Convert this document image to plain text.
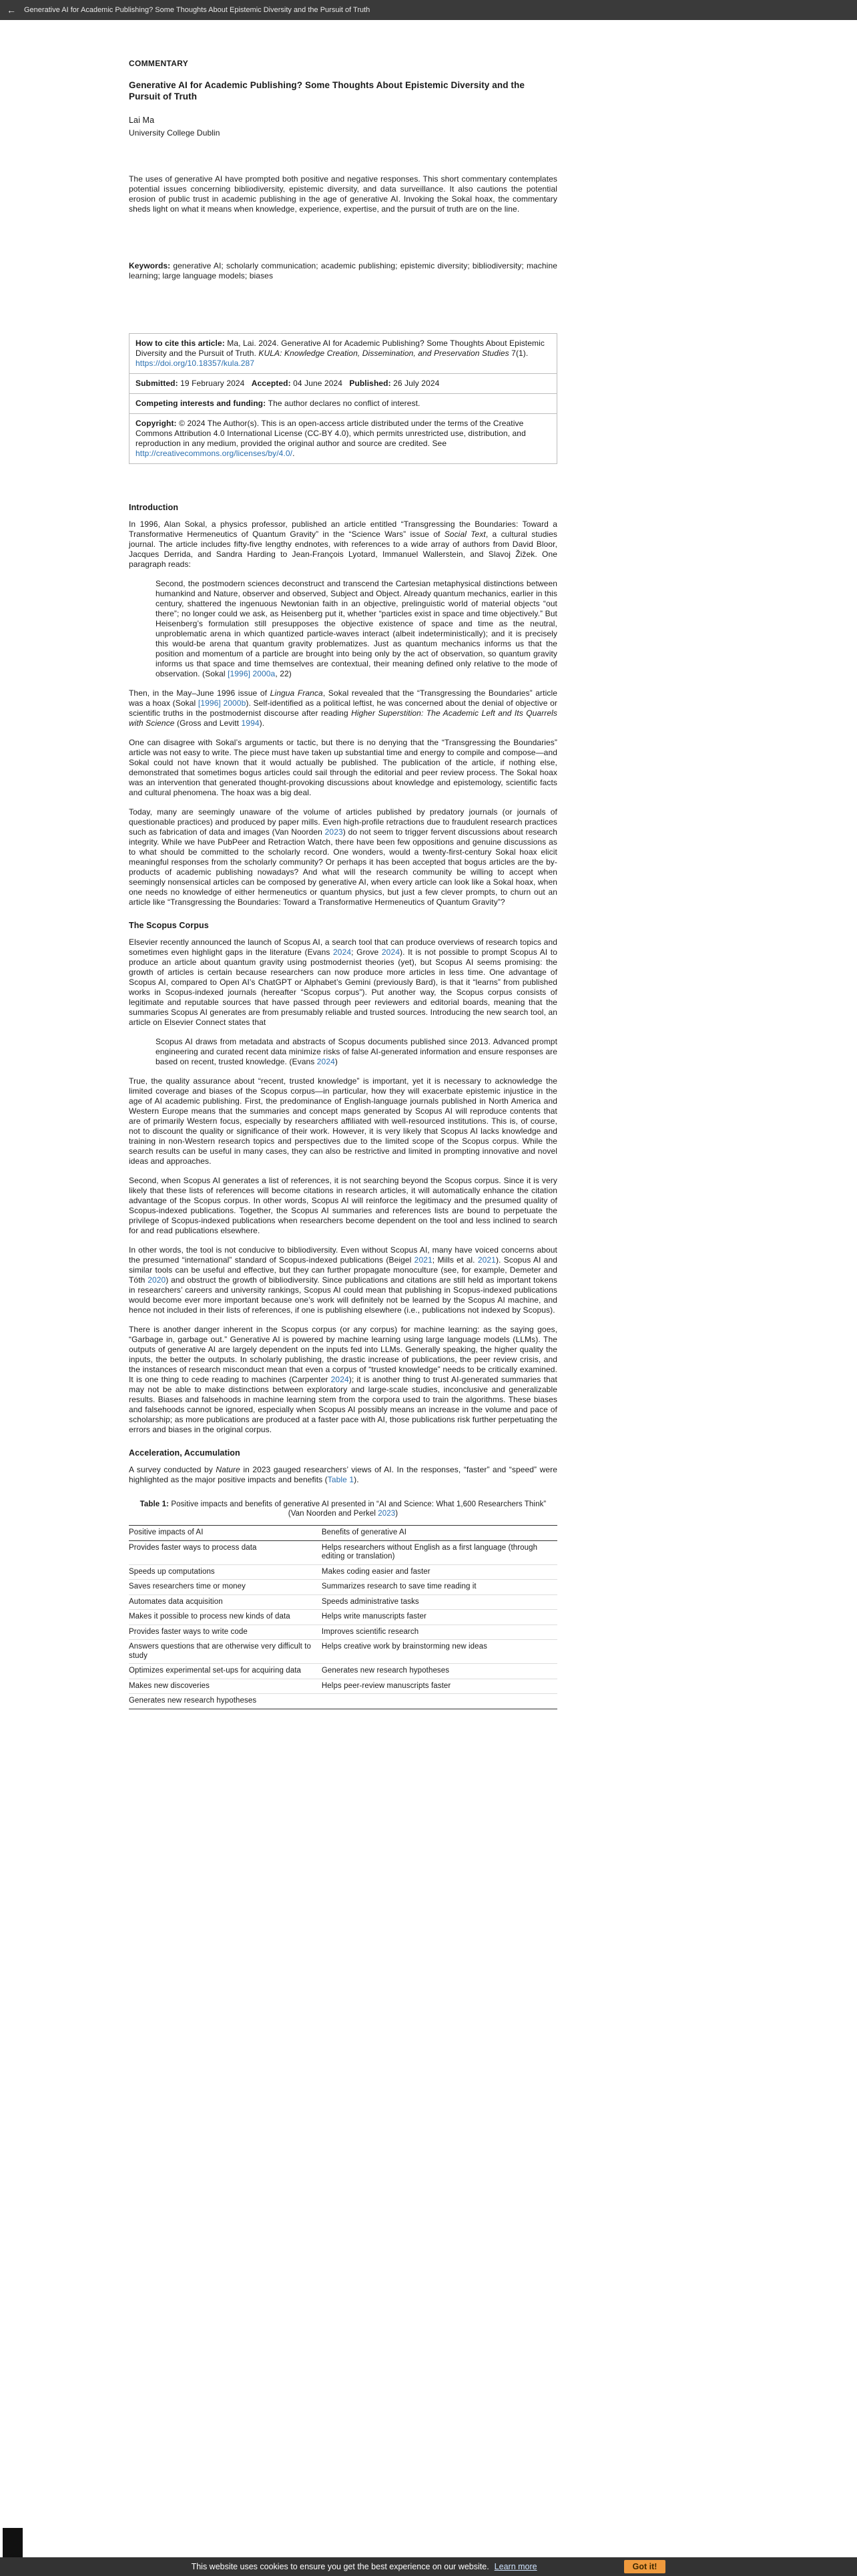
← Generative AI for Academic Publishing? Some Thoughts About Epistemic Diversity and the Pursuit of Truth
COMMENTARY
Generative AI for Academic Publishing? Some Thoughts About Epistemic Diversity and the Pursuit of Truth
Lai Ma
University College Dublin

The uses of generative AI have prompted both positive and negative responses. This short commentary contemplates potential issues concerning bibliodiversity, epistemic diversity, and data surveillance. It also cautions the potential erosion of public trust in academic publishing in the age of generative AI. Invoking the Sokal hoax, the commentary sheds light on what it means when knowledge, experience, expertise, and the pursuit of truth are on the line.

Keywords: generative AI; scholarly communication; academic publishing; epistemic diversity; bibliodiversity; machine learning; large language models; biases

How to cite this article: Ma, Lai. 2024. Generative AI for Academic Publishing? Some Thoughts About Epistemic Diversity and the Pursuit of Truth. KULA: Knowledge Creation, Dissemination, and Preservation Studies 7(1). https://doi.org/10.18357/kula.287
Submitted: 19 February 2024   Accepted: 04 June 2024   Published: 26 July 2024
Competing interests and funding: The author declares no conflict of interest.
Copyright: © 2024 The Author(s). This is an open-access article distributed under the terms of the Creative Commons Attribution 4.0 International License (CC-BY 4.0), which permits unrestricted use, distribution, and reproduction in any medium, provided the original author and source are credited. See http://creativecommons.org/licenses/by/4.0/.
Introduction

In 1996, Alan Sokal, a physics professor, published an article entitled “Transgressing the Boundaries: Toward a Transformative Hermeneutics of Quantum Gravity” in the “Science Wars” issue of Social Text, a cultural studies journal. The article includes fifty-five lengthy endnotes, with references to a wide array of authors from David Bloor, Jacques Derrida, and Sandra Harding to Jean-François Lyotard, Immanuel Wallerstein, and Slavoj Žižek. One paragraph reads:

Second, the postmodern sciences deconstruct and transcend the Cartesian metaphysical distinctions between humankind and Nature, observer and observed, Subject and Object. Already quantum mechanics, earlier in this century, shattered the ingenuous Newtonian faith in an objective, prelinguistic world of material objects “out there”; no longer could we ask, as Heisenberg put it, whether “particles exist in space and time objectively.” But Heisenberg’s formulation still presupposes the objective existence of space and time as the neutral, unproblematic arena in which quantized particle-waves interact (albeit indeterministically); and it is precisely this would-be arena that quantum gravity problematizes. Just as quantum mechanics informs us that the position and momentum of a particle are brought into being only by the act of observation, so quantum gravity informs us that space and time themselves are contextual, their meaning defined only relative to the mode of observation. (Sokal [1996] 2000a, 22)

Then, in the May–June 1996 issue of Lingua Franca, Sokal revealed that the “Transgressing the Boundaries” article was a hoax (Sokal [1996] 2000b). Self-identified as a political leftist, he was concerned about the denial of objective or scientific truths in the postmodernist discourse after reading Higher Superstition: The Academic Left and Its Quarrels with Science (Gross and Levitt 1994).

One can disagree with Sokal’s arguments or tactic, but there is no denying that the “Transgressing the Boundaries” article was not easy to write. The piece must have taken up substantial time and energy to compile and compose—and Sokal could not have known that it would actually be published. The publication of the article, if nothing else, demonstrated that sometimes bogus articles could sail through the editorial and peer review process. The Sokal hoax was an intervention that generated thought-provoking discussions about knowledge and epistemology, scientific facts and cultural phenomena. The hoax was a big deal.

Today, many are seemingly unaware of the volume of articles published by predatory journals (or journals of questionable practices) and produced by paper mills. Even high-profile retractions due to fraudulent research practices such as fabrication of data and images (Van Noorden 2023) do not seem to trigger fervent discussions about research integrity. While we have PubPeer and Retraction Watch, there have been few oppositions and genuine discussions as to what should be committed to the scholarly record. One wonders, would a twenty-first-century Sokal hoax elicit meaningful responses from the scholarly community? Or perhaps it has been accepted that bogus articles are the by-products of academic publishing nowadays? And what will the research community be willing to accept when seemingly nonsensical articles can be composed by generative AI, when every article can look like a Sokal hoax, when one needs no knowledge of either hermeneutics or quantum physics, but just a few clever prompts, to churn out an article like “Transgressing the Boundaries: Toward a Transformative Hermeneutics of Quantum Gravity”?

The Scopus Corpus

Elsevier recently announced the launch of Scopus AI, a search tool that can produce overviews of research topics and sometimes even highlight gaps in the literature (Evans 2024; Grove 2024). It is not possible to prompt Scopus AI to produce an article about quantum gravity using postmodernist theories (yet), but Scopus AI seems promising: the growth of articles is certain because researchers can now produce more articles in less time. One advantage of Scopus AI, compared to Open AI’s ChatGPT or Alphabet’s Gemini (previously Bard), is that it “learns” from published works in Scopus-indexed journals (hereafter “Scopus corpus”). Put another way, the Scopus corpus consists of legitimate and reputable sources that have passed through peer reviewers and editorial boards, meaning that the summaries Scopus AI generates are from presumably reliable and trusted sources. Introducing the new search tool, an article on Elsevier Connect states that

Scopus AI draws from metadata and abstracts of Scopus documents published since 2013. Advanced prompt engineering and curated recent data minimize risks of false AI-generated information and ensure responses are based on recent, trusted knowledge. (Evans 2024)

True, the quality assurance about “recent, trusted knowledge” is important, yet it is necessary to acknowledge the limited coverage and biases of the Scopus corpus—in particular, how they will exacerbate epistemic injustice in the age of AI academic publishing. First, the predominance of English-language journals published in North America and Western Europe means that the summaries and concept maps generated by Scopus AI will reproduce contents that are of primarily Western focus, especially by researchers affiliated with well-resourced institutions. This is, of course, not to discount the quality or significance of their work. However, it is very likely that Scopus AI lacks knowledge and training in non-Western research topics and perspectives due to the limited scope of the Scopus corpus. While the search results can be useful in many cases, they can also be restrictive and limited in prompting innovative and novel ideas and approaches.

Second, when Scopus AI generates a list of references, it is not searching beyond the Scopus corpus. Since it is very likely that these lists of references will become citations in research articles, it will automatically enhance the citation advantage of the Scopus corpus. In other words, Scopus AI will reinforce the legitimacy and the presumed quality of Scopus-indexed publications. Together, the Scopus AI summaries and references lists are bound to perpetuate the privilege of Scopus-indexed publications when researchers become dependent on the tool and less inclined to search for and read publications elsewhere.

In other words, the tool is not conducive to bibliodiversity. Even without Scopus AI, many have voiced concerns about the presumed “international” standard of Scopus-indexed publications (Beigel 2021; Mills et al. 2021). Scopus AI and similar tools can be useful and effective, but they can further propagate monoculture (see, for example, Demeter and Tóth 2020) and obstruct the growth of bibliodiversity. Since publications and citations are still held as important tokens in researchers’ careers and university rankings, Scopus AI could mean that publishing in Scopus-indexed publications would become ever more important because one’s work will definitely not be learned by the Scopus AI machine, and hence not included in their lists of references, if one is publishing elsewhere (i.e., publications not indexed by Scopus).

There is another danger inherent in the Scopus corpus (or any corpus) for machine learning: as the saying goes, “Garbage in, garbage out.” Generative AI is powered by machine learning using large language models (LLMs). The outputs of generative AI are largely dependent on the inputs fed into LLMs. Generally speaking, the higher quality the inputs, the better the outputs. In scholarly publishing, the drastic increase of publications, the peer review crisis, and the instances of research misconduct mean that even a corpus of “trusted knowledge” needs to be critically examined. It is one thing to cede reading to machines (Carpenter 2024); it is another thing to trust AI-generated summaries that may not be able to make distinctions between exploratory and large-scale studies, inconclusive and generalizable results. Biases and falsehoods in machine learning stem from the corpora used to train the algorithms. These biases and falsehoods cannot be ignored, especially when Scopus AI possibly means an increase in the volume and pace of scholarship; as more publications are produced at a faster pace with AI, those publications risk further perpetuating the errors and biases in the original corpus.

Acceleration, Accumulation

A survey conducted by Nature in 2023 gauged researchers’ views of AI. In the responses, “faster” and “speed” were highlighted as the major positive impacts and benefits (Table 1).

Table 1: Positive impacts and benefits of generative AI presented in “AI and Science: What 1,600 Researchers Think” (Van Noorden and Perkel 2023)
Positive impacts of AI	Benefits of generative AI
Provides faster ways to process data	Helps researchers without English as a first language (through editing or translation)
Speeds up computations	Makes coding easier and faster
Saves researchers time or money	Summarizes research to save time reading it
Automates data acquisition	Speeds administrative tasks
Makes it possible to process new kinds of data	Helps write manuscripts faster
Provides faster ways to write code	Improves scientific research
Answers questions that are otherwise very difficult to study	Helps creative work by brainstorming new ideas
Optimizes experimental set-ups for acquiring data	Generates new research hypotheses
Makes new discoveries	Helps peer-review manuscripts faster
Generates new research hypotheses	
This website uses cookies to ensure you get the best experience on our website. Learn more	Got it!
